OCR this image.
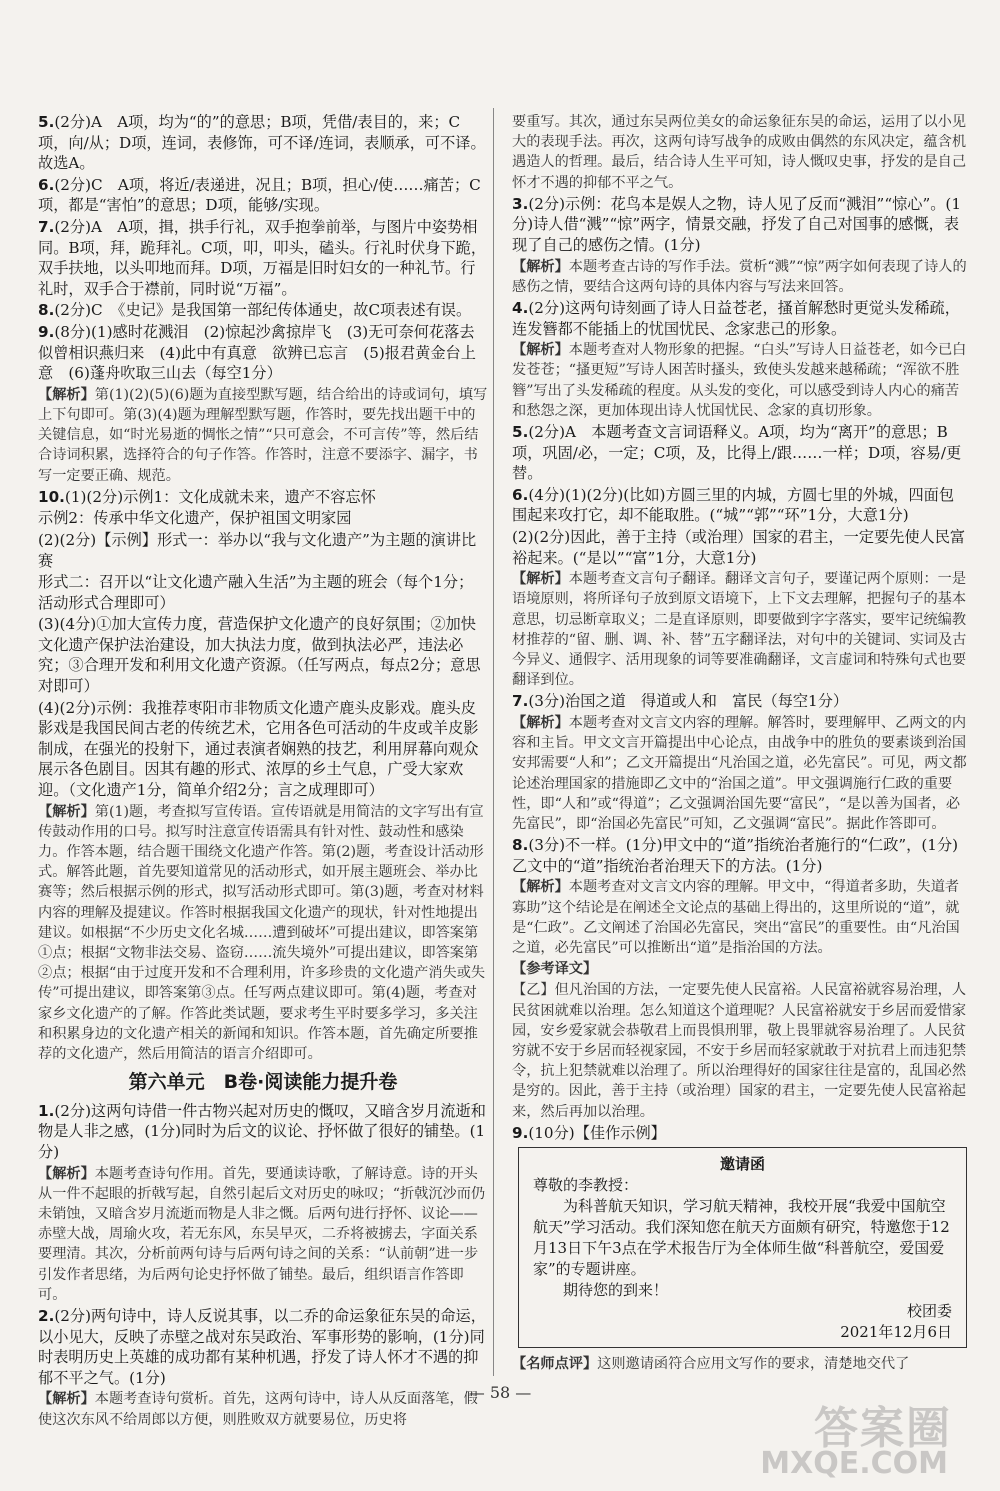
5.(2分)A　A项，均为“的”的意思；B项，凭借/表目的，来；C项，向/从；D项，连词，表修饰，可不译/连词，表顺承，可不译。故选A。
6.(2分)C　A项，将近/表递进，况且；B项，担心/使……痛苦；C项，都是“害怕”的意思；D项，能够/实现。
7.(2分)A　A项，揖，拱手行礼，双手抱拳前举，与图片中姿势相同。B项，拜，跪拜礼。C项，叩，叩头，磕头。行礼时伏身下跪，双手扶地，以头叩地而拜。D项，万福是旧时妇女的一种礼节。行礼时，双手合于襟前，同时说“万福”。
8.(2分)C　《史记》是我国第一部纪传体通史，故C项表述有误。
9.(8分)(1)感时花溅泪　(2)惊起沙禽掠岸飞　(3)无可奈何花落去　似曾相识燕归来　(4)此中有真意　欲辨已忘言　(5)报君黄金台上意　(6)蓬舟吹取三山去（每空1分）
【解析】第(1)(2)(5)(6)题为直接型默写题，结合给出的诗或词句，填写上下句即可。第(3)(4)题为理解型默写题，作答时，要先找出题干中的关键信息，如“时光易逝的惆怅之情”“只可意会，不可言传”等，然后结合诗词积累，选择符合的句子作答。作答时，注意不要添字、漏字，书写一定要正确、规范。
10.(1)(2分)示例1：文化成就未来，遗产不容忘怀
示例2：传承中华文化遗产，保护祖国文明家园
(2)(2分)【示例】形式一：举办以“我与文化遗产”为主题的演讲比赛
形式二：召开以“让文化遗产融入生活”为主题的班会（每个1分；活动形式合理即可）
(3)(4分)①加大宣传力度，营造保护文化遗产的良好氛围；②加快文化遗产保护法治建设，加大执法力度，做到执法必严，违法必究；③合理开发和利用文化遗产资源。（任写两点，每点2分；意思对即可）
(4)(2分)示例：我推荐枣阳市非物质文化遗产鹿头皮影戏。鹿头皮影戏是我国民间古老的传统艺术，它用各色可活动的牛皮或羊皮影制成，在强光的投射下，通过表演者娴熟的技艺，利用屏幕向观众展示各色剧目。因其有趣的形式、浓厚的乡土气息，广受大家欢迎。（文化遗产1分，简单介绍2分；言之成理即可）
【解析】第(1)题，考查拟写宣传语。宣传语就是用简洁的文字写出有宣传鼓动作用的口号。拟写时注意宣传语需具有针对性、鼓动性和感染力。作答本题，结合题干围绕文化遗产作答。第(2)题，考查设计活动形式。解答此题，首先要知道常见的活动形式，如开展主题班会、举办比赛等；然后根据示例的形式，拟写活动形式即可。第(3)题，考查对材料内容的理解及提建议。作答时根据我国文化遗产的现状，针对性地提出建议。如根据“不少历史文化名城……遭到破坏”可提出建议，即答案第①点；根据“文物非法交易、盗窃……流失境外”可提出建议，即答案第②点；根据“由于过度开发和不合理利用，许多珍贵的文化遗产消失或失传”可提出建议，即答案第③点。任写两点建议即可。第(4)题，考查对家乡文化遗产的了解。作答此类试题，要求考生平时要多学习，多关注和积累身边的文化遗产相关的新闻和知识。作答本题，首先确定所要推荐的文化遗产，然后用简洁的语言介绍即可。
第六单元　B卷·阅读能力提升卷
1.(2分)这两句诗借一件古物兴起对历史的慨叹，又暗含岁月流逝和物是人非之感，(1分)同时为后文的议论、抒怀做了很好的铺垫。(1分)
【解析】本题考查诗句作用。首先，要通读诗歌，了解诗意。诗的开头从一件不起眼的折戟写起，自然引起后文对历史的咏叹；“折戟沉沙而仍未销蚀，又暗含岁月流逝而物是人非之慨。后两句进行抒怀、议论——赤壁大战，周瑜火攻，若无东风，东吴早灭，二乔将被掳去，字面关系要理清。其次，分析前两句诗与后两句诗之间的关系：“认前朝”进一步引发作者思绪，为后两句论史抒怀做了铺垫。最后，组织语言作答即可。
2.(2分)两句诗中，诗人反说其事，以二乔的命运象征东吴的命运，以小见大，反映了赤壁之战对东吴政治、军事形势的影响，(1分)同时表明历史上英雄的成功都有某种机遇，抒发了诗人怀才不遇的抑郁不平之气。(1分)
【解析】本题考查诗句赏析。首先，这两句诗中，诗人从反面落笔，假使这次东风不给周郎以方便，则胜败双方就要易位，历史将
要重写。其次，通过东吴两位美女的命运象征东吴的命运，运用了以小见大的表现手法。再次，这两句诗写战争的成败由偶然的东风决定，蕴含机遇造人的哲理。最后，结合诗人生平可知，诗人慨叹史事，抒发的是自己怀才不遇的抑郁不平之气。
3.(2分)示例：花鸟本是娱人之物，诗人见了反而“溅泪”“惊心”。(1分)诗人借“溅”“惊”两字，情景交融，抒发了自己对国事的感慨，表现了自己的感伤之情。(1分)
【解析】本题考查古诗的写作手法。赏析“溅”“惊”两字如何表现了诗人的感伤之情，要结合这两句诗的具体内容与写法来回答。
4.(2分)这两句诗刻画了诗人日益苍老，搔首解愁时更觉头发稀疏，连发簪都不能插上的忧国忧民、念家悲己的形象。
【解析】本题考查对人物形象的把握。“白头”写诗人日益苍老，如今已白发苍苍；“搔更短”写诗人困苦时搔头，致使头发越来越稀疏；“浑欲不胜簪”写出了头发稀疏的程度。从头发的变化，可以感受到诗人内心的痛苦和愁怨之深，更加体现出诗人忧国忧民、念家的真切形象。
5.(2分)A　本题考查文言词语释义。A项，均为“离开”的意思；B项，巩固/必，一定；C项，及，比得上/跟……一样；D项，容易/更替。
6.(4分)(1)(2分)(比如)方圆三里的内城，方圆七里的外城，四面包围起来攻打它，却不能取胜。(“城”“郭”“环”1分，大意1分)
(2)(2分)因此，善于主持（或治理）国家的君主，一定要先使人民富裕起来。(“是以”“富”1分，大意1分)
【解析】本题考查文言句子翻译。翻译文言句子，要谨记两个原则：一是语境原则，将所译句子放到原文语境下，上下文去理解，把握句子的基本意思，切忌断章取义；二是直译原则，即要做到字字落实，要牢记统编教材推荐的“留、删、调、补、替”五字翻译法，对句中的关键词、实词及古今异义、通假字、活用现象的词等要准确翻译，文言虚词和特殊句式也要翻译到位。
7.(3分)治国之道　得道或人和　富民（每空1分）
【解析】本题考查对文言文内容的理解。解答时，要理解甲、乙两文的内容和主旨。甲文文言开篇提出中心论点，由战争中的胜负的要素谈到治国安邦需要“人和”；乙文开篇提出“凡治国之道，必先富民”。可见，两文都论述治理国家的措施即乙文中的“治国之道”。甲文强调施行仁政的重要性，即“人和”或“得道”；乙文强调治国先要“富民”，“是以善为国者，必先富民”，即“治国必先富民”可知，乙文强调“富民”。据此作答即可。
8.(3分)不一样。(1分)甲文中的“道”指统治者施行的“仁政”，(1分)乙文中的“道”指统治者治理天下的方法。(1分)
【解析】本题考查对文言文内容的理解。甲文中，“得道者多助，失道者寡助”这个结论是在阐述全文论点的基础上得出的，这里所说的“道”，就是“仁政”。乙文阐述了治国必先富民，突出“富民”的重要性。由“凡治国之道，必先富民”可以推断出“道”是指治国的方法。
【参考译文】
【乙】但凡治国的方法，一定要先使人民富裕。人民富裕就容易治理，人民贫困就难以治理。怎么知道这个道理呢？人民富裕就安于乡居而爱惜家园，安乡爱家就会恭敬君上而畏惧刑罪，敬上畏罪就容易治理了。人民贫穷就不安于乡居而轻视家园，不安于乡居而轻家就敢于对抗君上而违犯禁令，抗上犯禁就难以治理了。所以治理得好的国家往往是富的，乱国必然是穷的。因此，善于主持（或治理）国家的君主，一定要先使人民富裕起来，然后再加以治理。
9.(10分)【佳作示例】
邀请函
尊敬的李教授：
为科普航天知识，学习航天精神，我校开展“我爱中国航空航天”学习活动。我们深知您在航天方面颇有研究，特邀您于12月13日下午3点在学术报告厅为全体师生做“科普航空，爱国爱家”的专题讲座。
期待您的到来！
校团委
2021年12月6日
【名师点评】这则邀请函符合应用文写作的要求，清楚地交代了
— 58 —
答案圈
MXQE.COM
